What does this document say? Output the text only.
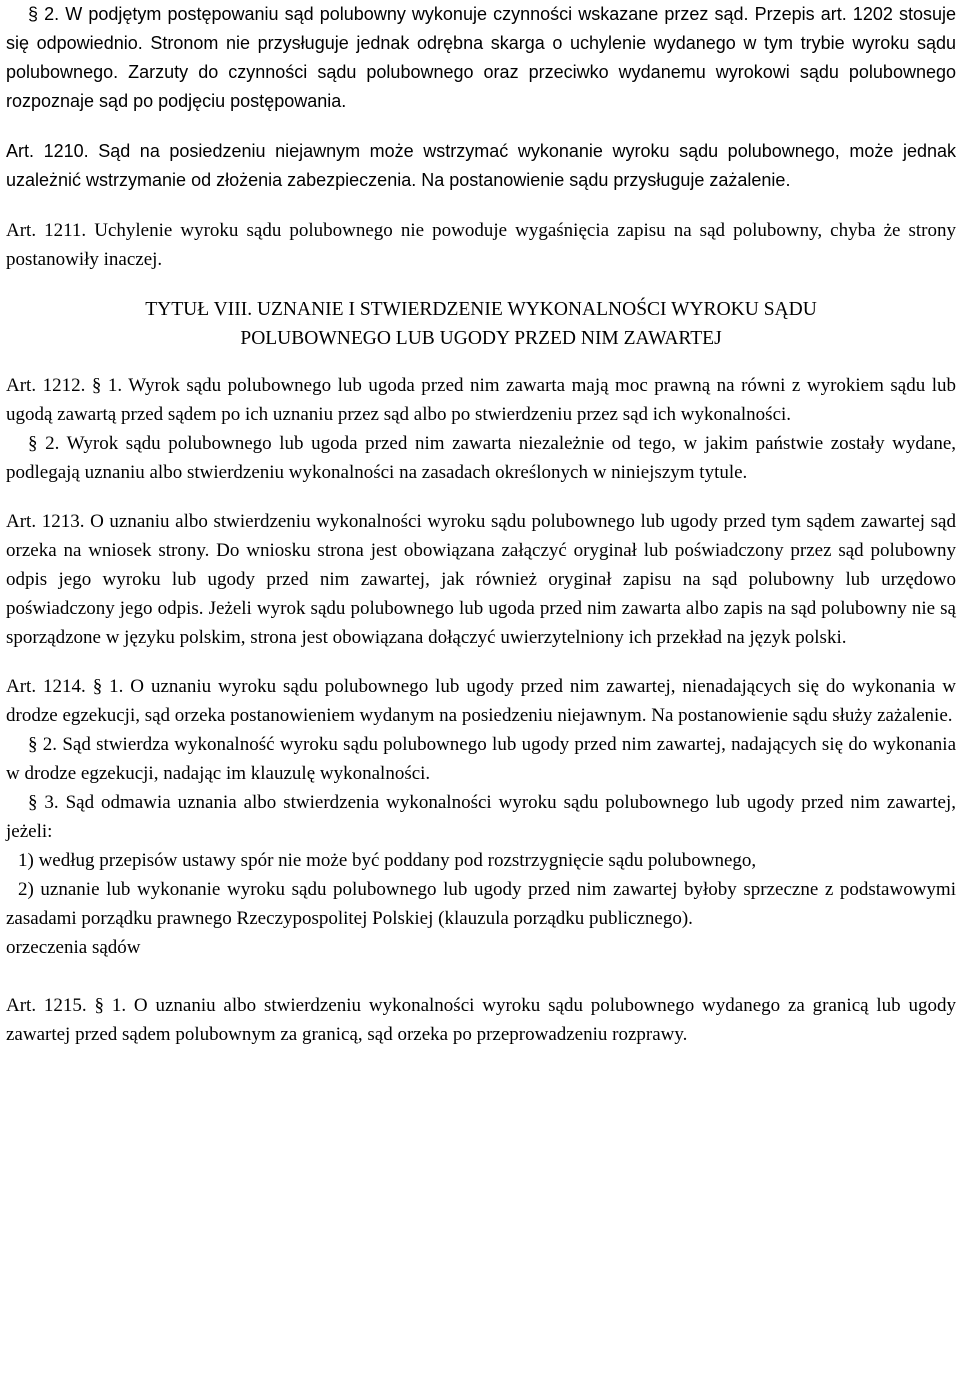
§ 2. W podjętym postępowaniu sąd polubowny wykonuje czynności wskazane przez sąd. Przepis art. 1202 stosuje się odpowiednio. Stronom nie przysługuje jednak odrębna skarga o uchylenie wydanego w tym trybie wyroku sądu polubownego. Zarzuty do czynności sądu polubownego oraz przeciwko wydanemu wyrokowi sądu polubownego rozpoznaje sąd po podjęciu postępowania.

Art. 1210. Sąd na posiedzeniu niejawnym może wstrzymać wykonanie wyroku sądu polubownego, może jednak uzależnić wstrzymanie od złożenia zabezpieczenia. Na postanowienie sądu przysługuje zażalenie.

Art. 1211. Uchylenie wyroku sądu polubownego nie powoduje wygaśnięcia zapisu na sąd polubowny, chyba że strony postanowiły inaczej.

TYTUŁ VIII. UZNANIE I STWIERDZENIE WYKONALNOŚCI WYROKU SĄDU

POLUBOWNEGO LUB UGODY PRZED NIM ZAWARTEJ

Art. 1212. § 1. Wyrok sądu polubownego lub ugoda przed nim zawarta mają moc prawną na równi z wyrokiem sądu lub ugodą zawartą przed sądem po ich uznaniu przez sąd albo po stwierdzeniu przez sąd ich wykonalności.

§ 2. Wyrok sądu polubownego lub ugoda przed nim zawarta niezależnie od tego, w jakim państwie zostały wydane, podlegają uznaniu albo stwierdzeniu wykonalności na zasadach określonych w niniejszym tytule.

Art. 1213. O uznaniu albo stwierdzeniu wykonalności wyroku sądu polubownego lub ugody przed tym sądem zawartej sąd orzeka na wniosek strony. Do wniosku strona jest obowiązana załączyć oryginał lub poświadczony przez sąd polubowny odpis jego wyroku lub ugody przed nim zawartej, jak również oryginał zapisu na sąd polubowny lub urzędowo poświadczony jego odpis. Jeżeli wyrok sądu polubownego lub ugoda przed nim zawarta albo zapis na sąd polubowny nie są sporządzone w języku polskim, strona jest obowiązana dołączyć uwierzytelniony ich przekład na język polski.

Art. 1214. § 1. O uznaniu wyroku sądu polubownego lub ugody przed nim zawartej, nienadających się do wykonania w drodze egzekucji, sąd orzeka postanowieniem wydanym na posiedzeniu niejawnym. Na postanowienie sądu służy zażalenie.

§ 2. Sąd stwierdza wykonalność wyroku sądu polubownego lub ugody przed nim zawartej, nadających się do wykonania w drodze egzekucji, nadając im klauzulę wykonalności.

§ 3. Sąd odmawia uznania albo stwierdzenia wykonalności wyroku sądu polubownego lub ugody przed nim zawartej, jeżeli:

1) według przepisów ustawy spór nie może być poddany pod rozstrzygnięcie sądu polubownego,

2) uznanie lub wykonanie wyroku sądu polubownego lub ugody przed nim zawartej byłoby sprzeczne z podstawowymi zasadami porządku prawnego Rzeczypospolitej Polskiej (klauzula porządku publicznego).

orzeczenia sądów

Art. 1215. § 1. O uznaniu albo stwierdzeniu wykonalności wyroku sądu polubownego wydanego za granicą lub ugody zawartej przed sądem polubownym za granicą, sąd orzeka po przeprowadzeniu rozprawy.
